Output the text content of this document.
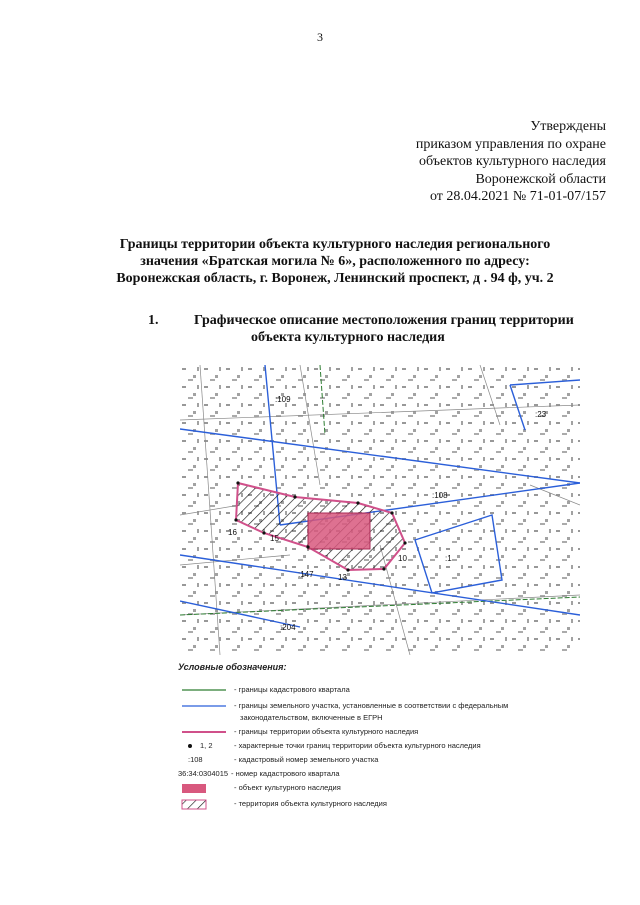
3
Утверждены
приказом управления по охране
объектов культурного наследия
Воронежской области
от 28.04.2021 № 71-01-07/157
Границы территории объекта культурного наследия регионального
значения «Братская могила № 6», расположенного по адресу:
Воронежская область, г. Воронеж, Ленинский проспект, д . 94 ф, уч. 2
1.	Графическое описание местоположения границ территории
объекта культурного наследия
:109
:23
:108
:1
:204
:147
16
15
13
10
Условные обозначения:
- границы кадастрового квартала
- границы земельного участка, установленные в соответствии с федеральным
законодательством, включенные в ЕГРН
- границы территории объекта культурного наследия
1, 2	- характерные точки границ территории объекта культурного наследия
:108	- кадастровый номер земельного участка
36:34:0304015 - номер кадастрового квартала
- объект культурного наследия
- территория объекта культурного наследия
